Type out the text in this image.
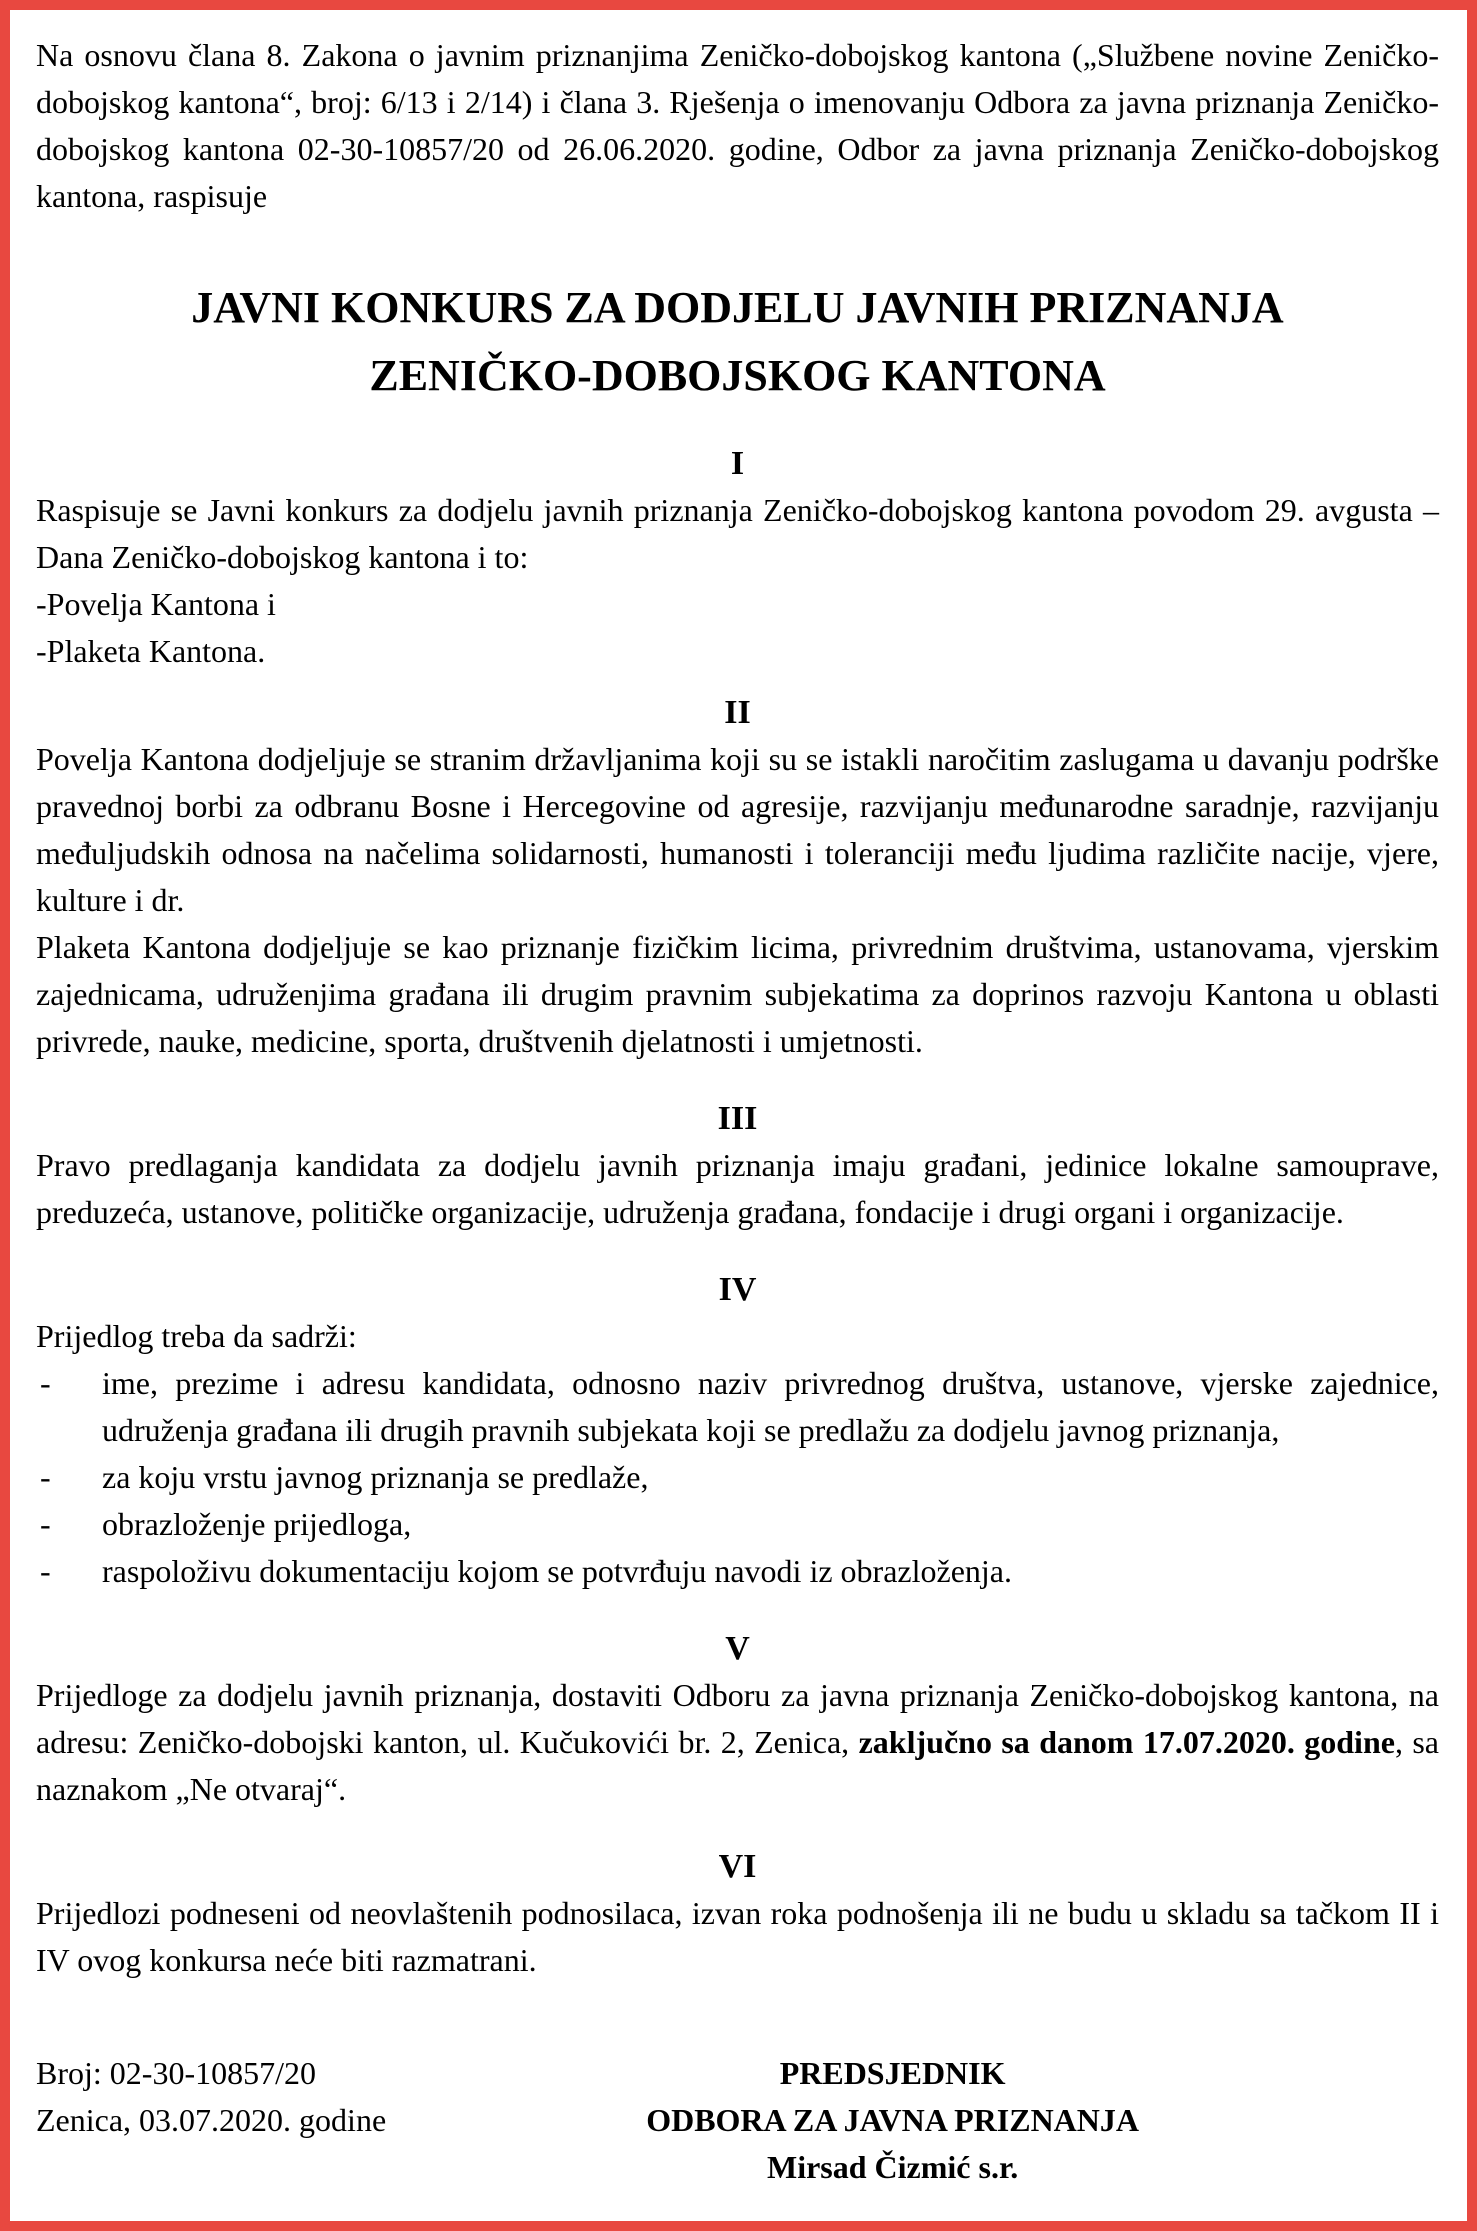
Na osnovu člana 8. Zakona o javnim priznanjima Zeničko-dobojskog kantona („Službene novine Zeničko-dobojskog kantona“, broj: 6/13 i 2/14) i člana 3. Rješenja o imenovanju Odbora za javna priznanja Zeničko-dobojskog kantona 02-30-10857/20 od 26.06.2020. godine, Odbor za javna priznanja Zeničko-dobojskog kantona, raspisuje

JAVNI KONKURS ZA DODJELU JAVNIH PRIZNANJA ZENIČKO-DOBOJSKOG KANTONA
I

Raspisuje se Javni konkurs za dodjelu javnih priznanja Zeničko-dobojskog kantona povodom 29. avgusta – Dana Zeničko-dobojskog kantona i to:

-Povelja Kantona i

-Plaketa Kantona.

II

Povelja Kantona dodjeljuje se stranim državljanima koji su se istakli naročitim zaslugama u davanju podrške pravednoj borbi za odbranu Bosne i Hercegovine od agresije, razvijanju međunarodne saradnje, razvijanju međuljudskih odnosa na načelima solidarnosti, humanosti i toleranciji među ljudima različite nacije, vjere, kulture i dr.

Plaketa Kantona dodjeljuje se kao priznanje fizičkim licima, privrednim društvima, ustanovama, vjerskim zajednicama, udruženjima građana ili drugim pravnim subjekatima za doprinos razvoju Kantona u oblasti privrede, nauke, medicine, sporta, društvenih djelatnosti i umjetnosti.

III

Pravo predlaganja kandidata za dodjelu javnih priznanja imaju građani, jedinice lokalne samouprave, preduzeća, ustanove, političke organizacije, udruženja građana, fondacije i drugi organi i organizacije.

IV

Prijedlog treba da sadrži:

- ime, prezime i adresu kandidata, odnosno naziv privrednog društva, ustanove, vjerske zajednice, udruženja građana ili drugih pravnih subjekata koji se predlažu za dodjelu javnog priznanja,
- za koju vrstu javnog priznanja se predlaže,
- obrazloženje prijedloga,
- raspoloživu dokumentaciju kojom se potvrđuju navodi iz obrazloženja.
V

Prijedloge za dodjelu javnih priznanja, dostaviti Odboru za javna priznanja Zeničko-dobojskog kantona, na adresu: Zeničko-dobojski kanton, ul. Kučukovići br. 2, Zenica, zaključno sa danom 17.07.2020. godine, sa naznakom „Ne otvaraj“.

VI

Prijedlozi podneseni od neovlaštenih podnosilaca, izvan roka podnošenja ili ne budu u skladu sa tačkom II i IV ovog konkursa neće biti razmatrani.

Broj: 02-30-10857/20
Zenica, 03.07.2020. godine
PREDSJEDNIK
ODBORA ZA JAVNA PRIZNANJA
Mirsad Čizmić s.r.
